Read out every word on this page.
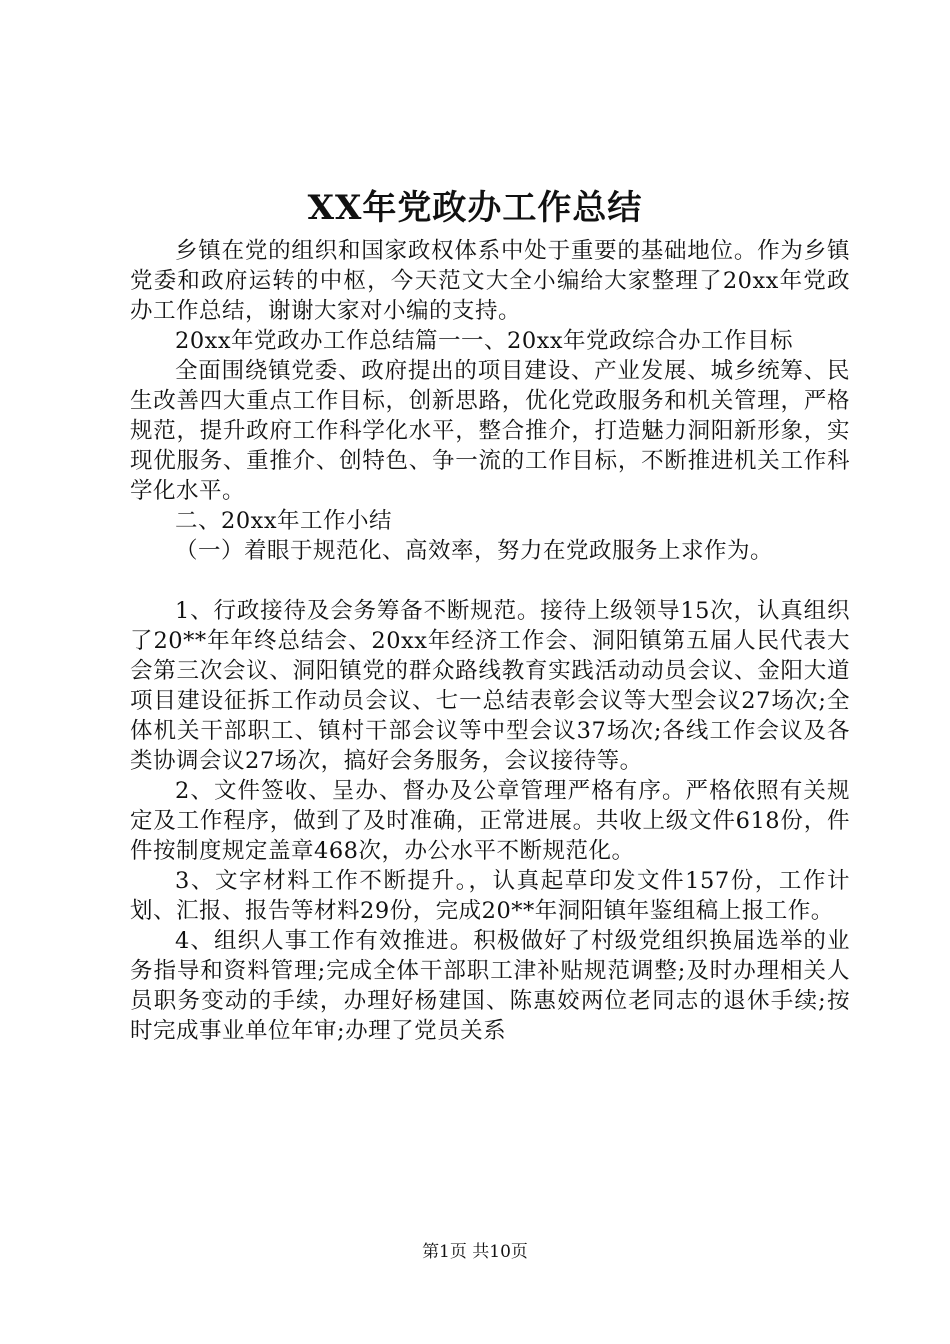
XX年党政办工作总结

乡镇在党的组织和国家政权体系中处于重要的基础地位。作为乡镇党委和政府运转的中枢，今天范文大全小编给大家整理了20xx年党政办工作总结，谢谢大家对小编的支持。

20xx年党政办工作总结篇一一、20xx年党政综合办工作目标

全面围绕镇党委、政府提出的项目建设、产业发展、城乡统筹、民生改善四大重点工作目标，创新思路，优化党政服务和机关管理，严格规范，提升政府工作科学化水平，整合推介，打造魅力洞阳新形象，实现优服务、重推介、创特色、争一流的工作目标，不断推进机关工作科学化水平。

二、20xx年工作小结

（一）着眼于规范化、高效率，努力在党政服务上求作为。

1、行政接待及会务筹备不断规范。接待上级领导15次，认真组织了20**年年终总结会、20xx年经济工作会、洞阳镇第五届人民代表大会第三次会议、洞阳镇党的群众路线教育实践活动动员会议、金阳大道项目建设征拆工作动员会议、七一总结表彰会议等大型会议27场次;全体机关干部职工、镇村干部会议等中型会议37场次;各线工作会议及各类协调会议27场次，搞好会务服务，会议接待等。

2、文件签收、呈办、督办及公章管理严格有序。严格依照有关规定及工作程序，做到了及时准确，正常进展。共收上级文件618份，件件按制度规定盖章468次，办公水平不断规范化。

3、文字材料工作不断提升。，认真起草印发文件157份，工作计划、汇报、报告等材料29份，完成20**年洞阳镇年鉴组稿上报工作。

4、组织人事工作有效推进。积极做好了村级党组织换届选举的业务指导和资料管理;完成全体干部职工津补贴规范调整;及时办理相关人员职务变动的手续，办理好杨建国、陈惠姣两位老同志的退休手续;按时完成事业单位年审;办理了党员关系

第1页 共10页
